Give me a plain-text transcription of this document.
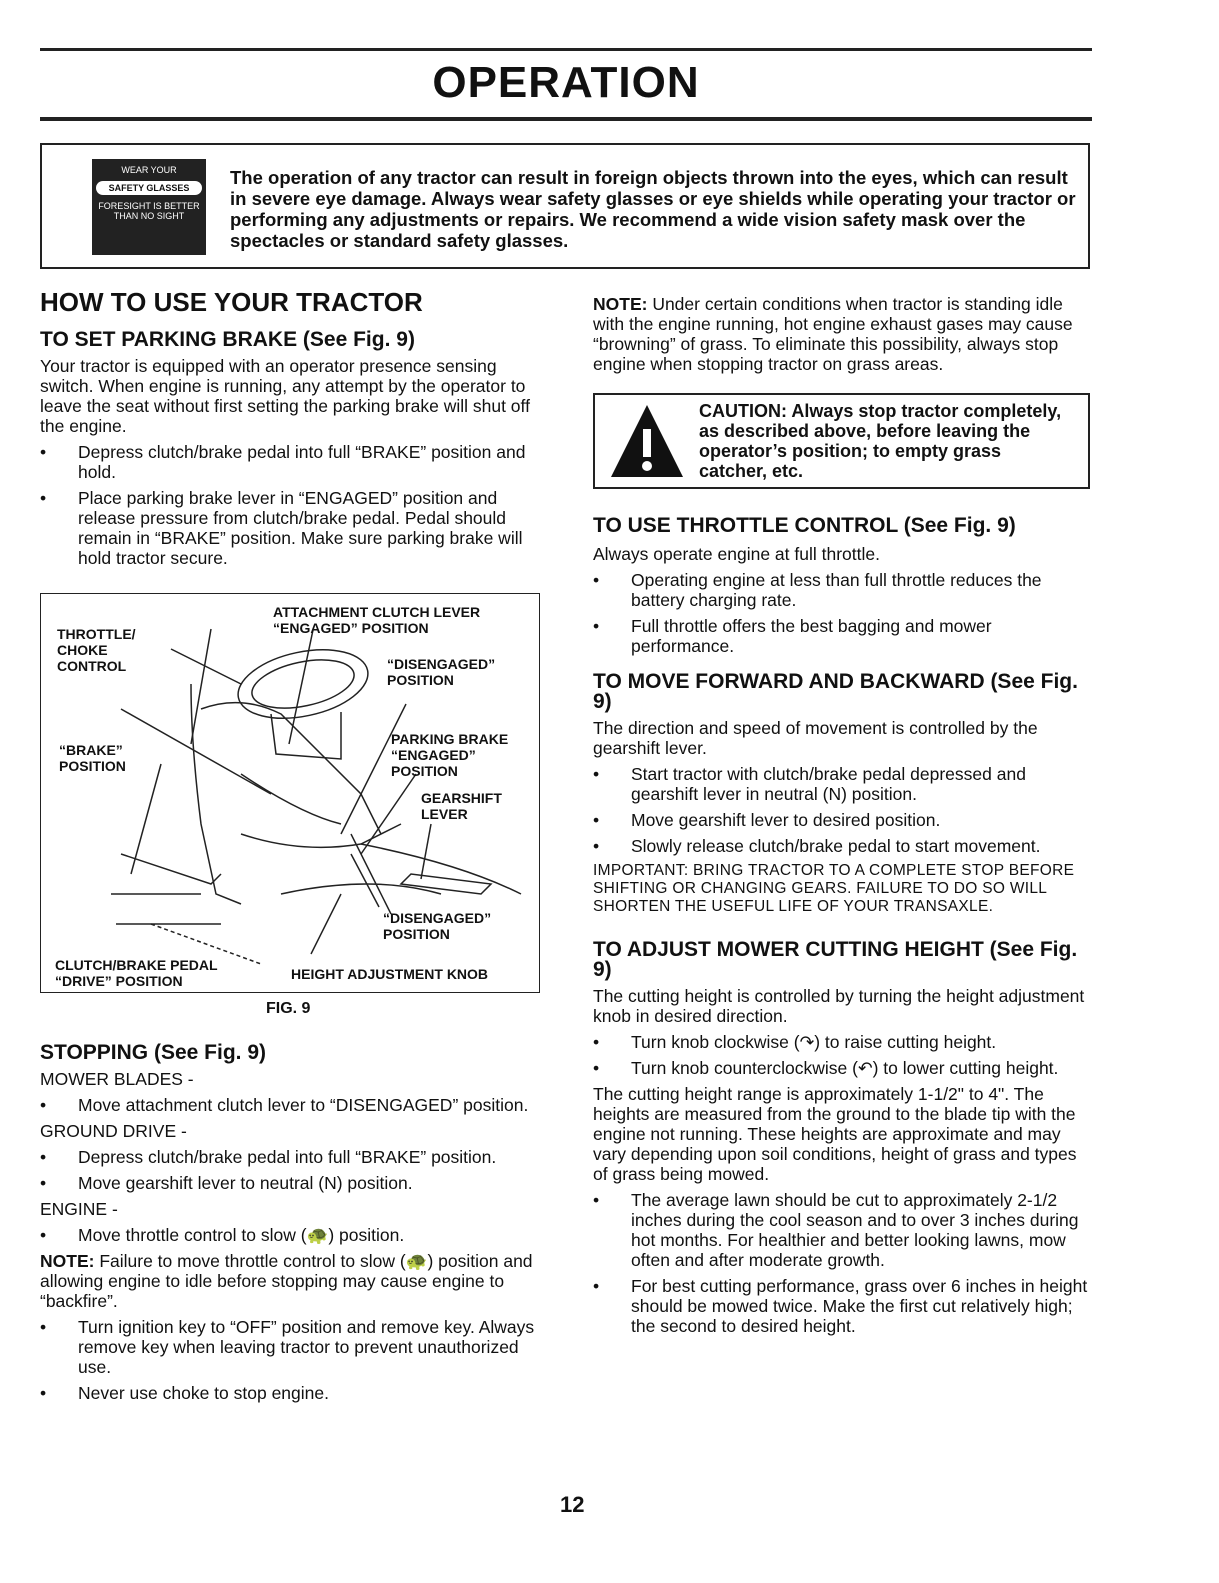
OPERATION
WEAR YOUR
SAFETY GLASSES
FORESIGHT IS BETTER
THAN NO SIGHT
The operation of any tractor can result in foreign objects thrown into the eyes, which can result in severe eye damage. Always wear safety glasses or eye shields while operating your tractor or performing any adjustments or repairs. We recommend a wide vision safety mask over the spectacles or standard safety glasses.
HOW TO USE YOUR TRACTOR
TO SET PARKING BRAKE (See Fig. 9)

Your tractor is equipped with an operator presence sensing switch. When engine is running, any attempt by the operator to leave the seat without first setting the parking brake will shut off the engine.

• Depress clutch/brake pedal into full “BRAKE” position and hold.
• Place parking brake lever in “ENGAGED” position and release pressure from clutch/brake pedal. Pedal should remain in “BRAKE” position. Make sure parking brake will hold tractor secure.
ATTACHMENT CLUTCH LEVER
“ENGAGED” POSITION
THROTTLE/
CHOKE
CONTROL	“DISENGAGED”
POSITION
“BRAKE”
POSITION
PARKING BRAKE
“ENGAGED”
POSITION
GEARSHIFT
LEVER
“DISENGAGED”
POSITION
CLUTCH/BRAKE PEDAL
“DRIVE” POSITION	HEIGHT ADJUSTMENT KNOB
FIG. 9
STOPPING (See Fig. 9)

MOWER BLADES -

• Move attachment clutch lever to “DISENGAGED” position.

GROUND DRIVE -

• Depress clutch/brake pedal into full “BRAKE” position.
• Move gearshift lever to neutral (N) position.

ENGINE -

• Move throttle control to slow (🐢) position.

NOTE: Failure to move throttle control to slow (🐢) position and allowing engine to idle before stopping may cause engine to “backfire”.

• Turn ignition key to “OFF” position and remove key. Always remove key when leaving tractor to prevent unauthorized use.
• Never use choke to stop engine.

NOTE: Under certain conditions when tractor is standing idle with the engine running, hot engine exhaust gases may cause “browning” of grass. To eliminate this possibility, always stop engine when stopping tractor on grass areas.

CAUTION: Always stop tractor completely, as described above, before leaving the operator’s position; to empty grass catcher, etc.
TO USE THROTTLE CONTROL (See Fig. 9)

Always operate engine at full throttle.

• Operating engine at less than full throttle reduces the battery charging rate.
• Full throttle offers the best bagging and mower performance.
TO MOVE FORWARD AND BACKWARD (See Fig. 9)

The direction and speed of movement is controlled by the gearshift lever.

• Start tractor with clutch/brake pedal depressed and gearshift lever in neutral (N) position.
• Move gearshift lever to desired position.
• Slowly release clutch/brake pedal to start movement.

IMPORTANT: BRING TRACTOR TO A COMPLETE STOP BEFORE SHIFTING OR CHANGING GEARS. FAILURE TO DO SO WILL SHORTEN THE USEFUL LIFE OF YOUR TRANSAXLE.

TO ADJUST MOWER CUTTING HEIGHT (See Fig. 9)

The cutting height is controlled by turning the height adjustment knob in desired direction.

• Turn knob clockwise (↷) to raise cutting height.
• Turn knob counterclockwise (↶) to lower cutting height.

The cutting height range is approximately 1-1/2" to 4". The heights are measured from the ground to the blade tip with the engine not running. These heights are approximate and may vary depending upon soil conditions, height of grass and types of grass being mowed.

• The average lawn should be cut to approximately 2-1/2 inches during the cool season and to over 3 inches during hot months. For healthier and better looking lawns, mow often and after moderate growth.
• For best cutting performance, grass over 6 inches in height should be mowed twice. Make the first cut relatively high; the second to desired height.
12
